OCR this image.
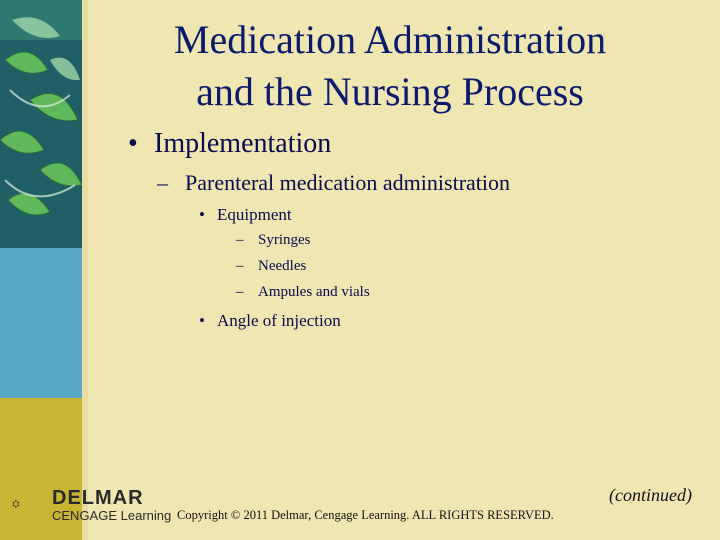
Medication Administration
and the Nursing Process
• Implementation
– Parenteral medication administration
• Equipment
– Syringes
– Needles
– Ampules and vials
• Angle of injection
DELMAR
CENGAGE Learning Copyright © 2011 Delmar, Cengage Learning. ALL RIGHTS RESERVED.
(continued)
